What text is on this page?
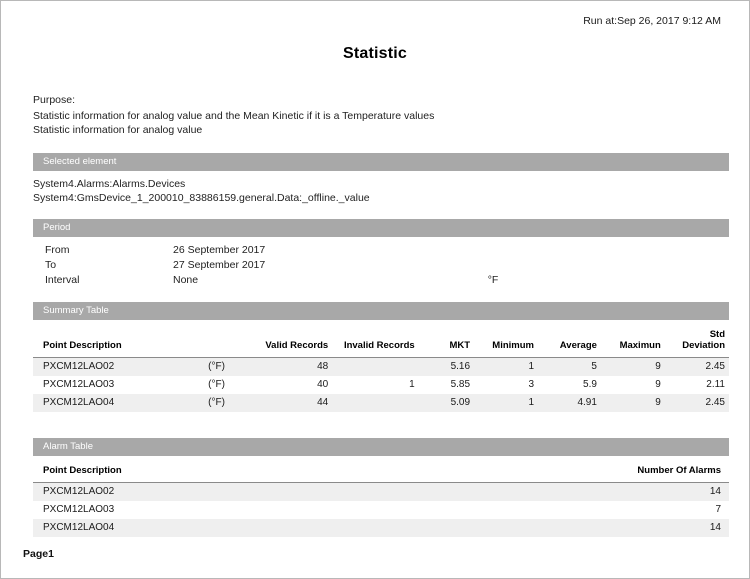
Run at:Sep 26, 2017 9:12 AM
Statistic
Purpose:
Statistic information for analog value and the Mean Kinetic if it is a Temperature values
Statistic information for analog value
Selected element
System4.Alarms:Alarms.Devices
System4:GmsDevice_1_200010_83886159.general.Data:_offline._value
Period
From	26 September 2017
To	27 September 2017
Interval	None	°F
Summary Table
Point Description		Valid Records	Invalid Records	MKT	Minimum	Average	Maximun	Std Deviation
PXCM12LAO02	(°F)	48		5.16	1	5	9	2.45
PXCM12LAO03	(°F)	40	1	5.85	3	5.9	9	2.11
PXCM12LAO04	(°F)	44		5.09	1	4.91	9	2.45
Alarm Table
Point Description	Number Of Alarms
PXCM12LAO02	14
PXCM12LAO03	7
PXCM12LAO04	14
Page1
